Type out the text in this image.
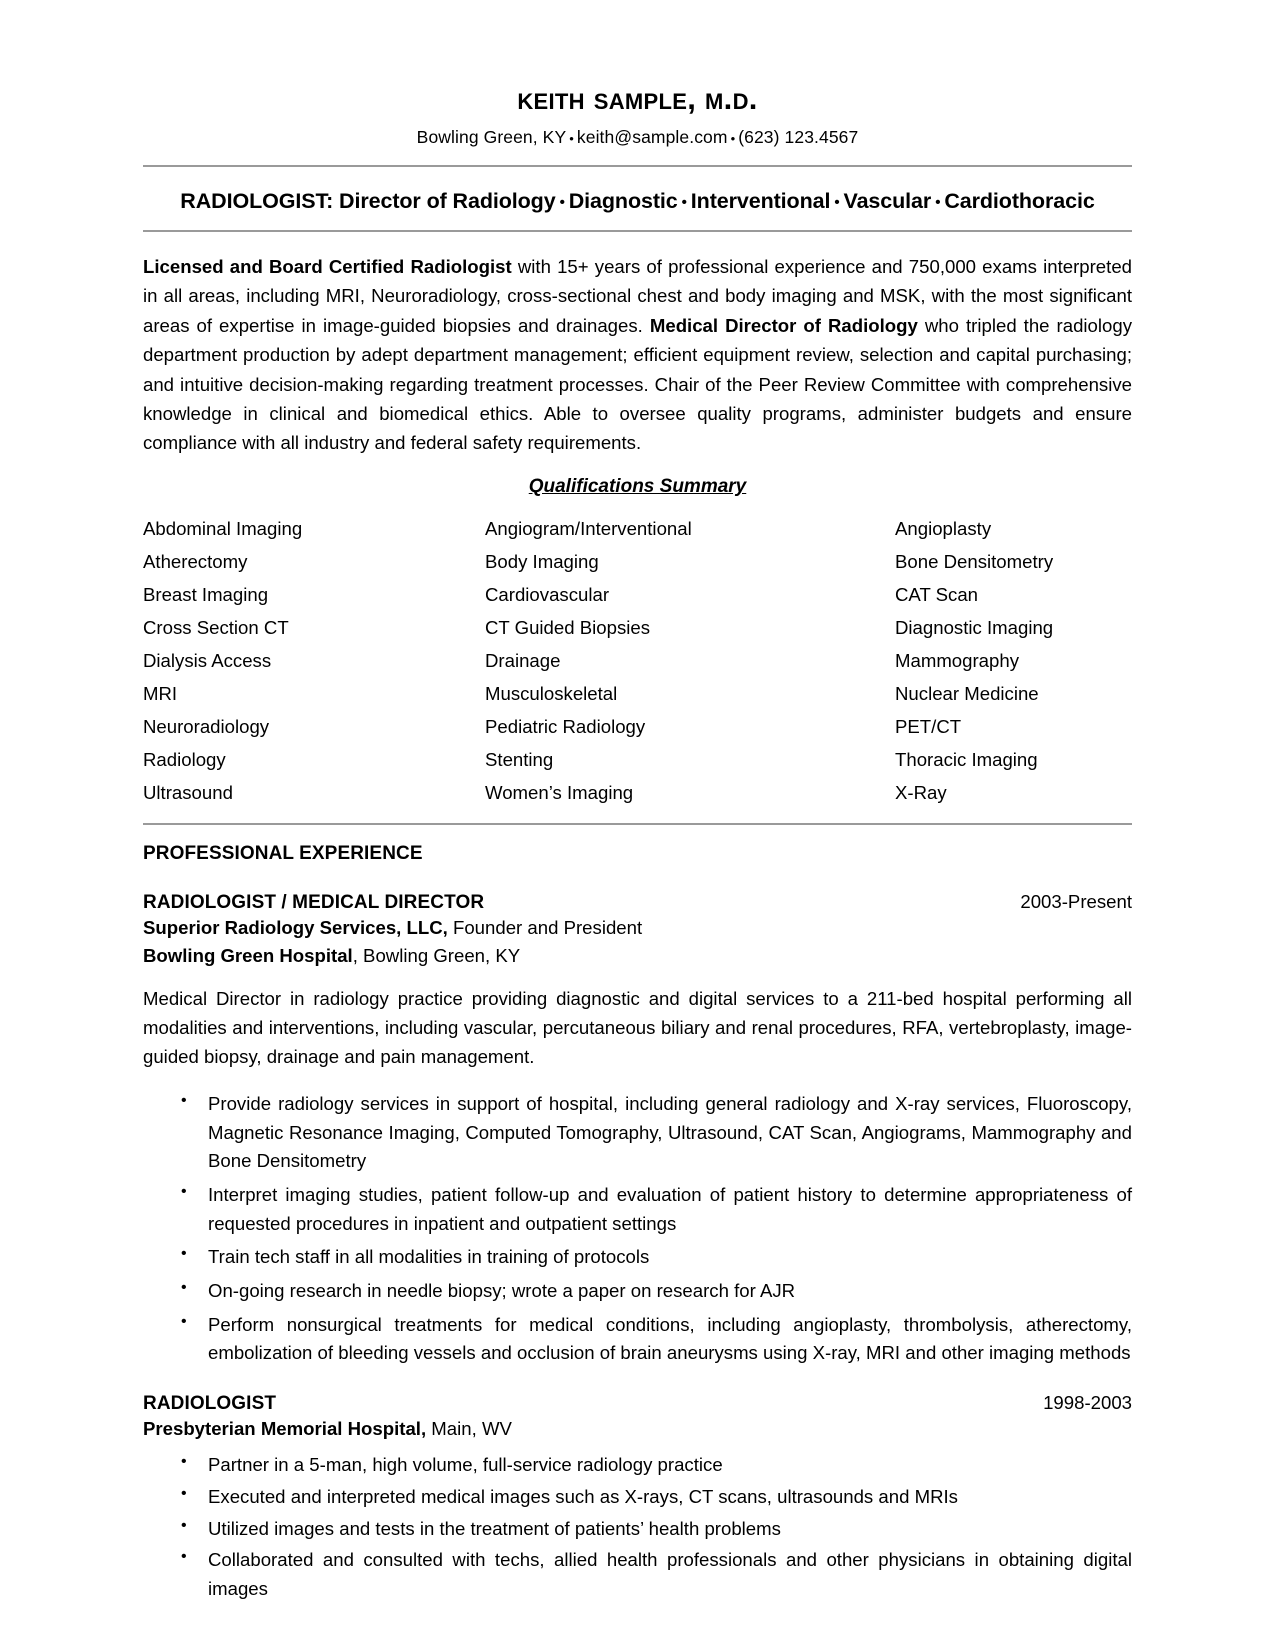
keith sample, m.d.
Bowling Green, KY • keith@sample.com • (623) 123.4567
RADIOLOGIST: Director of Radiology • Diagnostic • Interventional • Vascular • Cardiothoracic

Licensed and Board Certified Radiologist with 15+ years of professional experience and 750,000 exams interpreted in all areas, including MRI, Neuroradiology, cross-sectional chest and body imaging and MSK, with the most significant areas of expertise in image-guided biopsies and drainages. Medical Director of Radiology who tripled the radiology department production by adept department management; efficient equipment review, selection and capital purchasing; and intuitive decision-making regarding treatment processes. Chair of the Peer Review Committee with comprehensive knowledge in clinical and biomedical ethics. Able to oversee quality programs, administer budgets and ensure compliance with all industry and federal safety requirements.

Qualifications Summary
Abdominal Imaging
Atherectomy
Breast Imaging
Cross Section CT
Dialysis Access
MRI
Neuroradiology
Radiology
Ultrasound
Angiogram/Interventional
Body Imaging
Cardiovascular
CT Guided Biopsies
Drainage
Musculoskeletal
Pediatric Radiology
Stenting
Women’s Imaging
Angioplasty
Bone Densitometry
CAT Scan
Diagnostic Imaging
Mammography
Nuclear Medicine
PET/CT
Thoracic Imaging
X-Ray
PROFESSIONAL EXPERIENCE
RADIOLOGIST / MEDICAL DIRECTOR	2003-Present
Superior Radiology Services, LLC, Founder and President
Bowling Green Hospital, Bowling Green, KY

Medical Director in radiology practice providing diagnostic and digital services to a 211-bed hospital performing all modalities and interventions, including vascular, percutaneous biliary and renal procedures, RFA, vertebroplasty, image-guided biopsy, drainage and pain management.

• Provide radiology services in support of hospital, including general radiology and X-ray services, Fluoroscopy, Magnetic Resonance Imaging, Computed Tomography, Ultrasound, CAT Scan, Angiograms, Mammography and Bone Densitometry
• Interpret imaging studies, patient follow-up and evaluation of patient history to determine appropriateness of requested procedures in inpatient and outpatient settings
• Train tech staff in all modalities in training of protocols
• On-going research in needle biopsy; wrote a paper on research for AJR
• Perform nonsurgical treatments for medical conditions, including angioplasty, thrombolysis, atherectomy, embolization of bleeding vessels and occlusion of brain aneurysms using X-ray, MRI and other imaging methods
RADIOLOGIST	1998-2003
Presbyterian Memorial Hospital, Main, WV
• Partner in a 5-man, high volume, full-service radiology practice
• Executed and interpreted medical images such as X-rays, CT scans, ultrasounds and MRIs
• Utilized images and tests in the treatment of patients’ health problems
• Collaborated and consulted with techs, allied health professionals and other physicians in obtaining digital images
